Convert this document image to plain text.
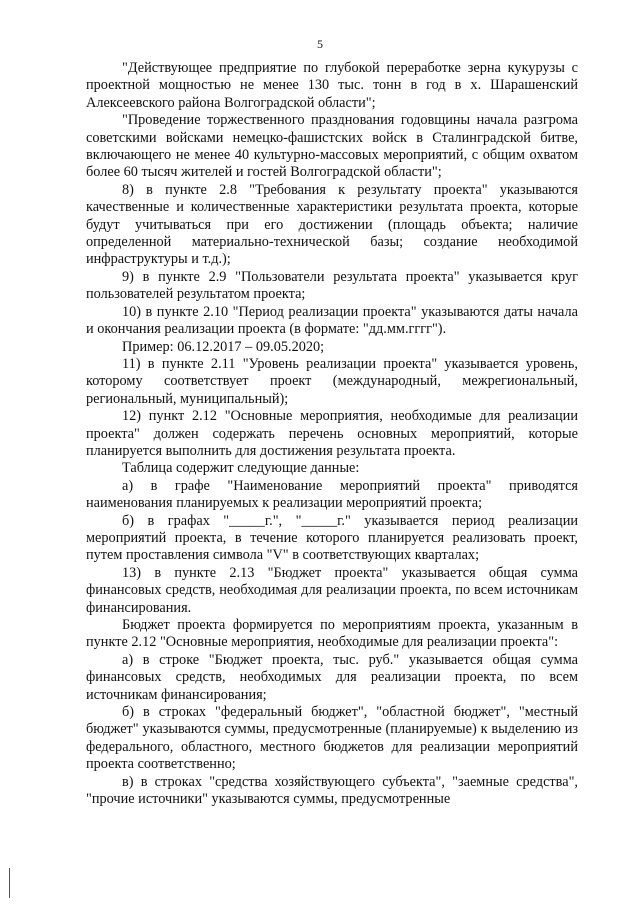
5

"Действующее предприятие по глубокой переработке зерна кукурузы с проектной мощностью не менее 130 тыс. тонн в год в х. Шарашенский Алексеевского района Волгоградской области";

"Проведение торжественного празднования годовщины начала разгрома советскими войсками немецко-фашистских войск в Сталинградской битве, включающего не менее 40 культурно-массовых мероприятий, с общим охватом более 60 тысяч жителей и гостей Волгоградской области";

8) в пункте 2.8 "Требования к результату проекта" указываются качественные и количественные характеристики результата проекта, которые будут учитываться при его достижении (площадь объекта; наличие определенной материально-технической базы; создание необходимой инфраструктуры и т.д.);

9) в пункте 2.9 "Пользователи результата проекта" указывается круг пользователей результатом проекта;

10) в пункте 2.10 "Период реализации проекта" указываются даты начала и окончания реализации проекта (в формате: "дд.мм.гггг").

Пример: 06.12.2017 – 09.05.2020;

11) в пункте 2.11 "Уровень реализации проекта" указывается уровень, которому соответствует проект (международный, межрегиональный, региональный, муниципальный);

12) пункт 2.12 "Основные мероприятия, необходимые для реализации проекта" должен содержать перечень основных мероприятий, которые планируется выполнить для достижения результата проекта.

Таблица содержит следующие данные:

а) в графе "Наименование мероприятий проекта" приводятся наименования планируемых к реализации мероприятий проекта;

б) в графах "_____г.", "_____г." указывается период реализации мероприятий проекта, в течение которого планируется реализовать проект, путем проставления символа "V" в соответствующих кварталах;

13) в пункте 2.13 "Бюджет проекта" указывается общая сумма финансовых средств, необходимая для реализации проекта, по всем источникам финансирования.

Бюджет проекта формируется по мероприятиям проекта, указанным в пункте 2.12 "Основные мероприятия, необходимые для реализации проекта":

а) в строке "Бюджет проекта, тыс. руб." указывается общая сумма финансовых средств, необходимых для реализации проекта, по всем источникам финансирования;

б) в строках "федеральный бюджет", "областной бюджет", "местный бюджет" указываются суммы, предусмотренные (планируемые) к выделению из федерального, областного, местного бюджетов для реализации мероприятий проекта соответственно;

в) в строках "средства хозяйствующего субъекта", "заемные средства", "прочие источники" указываются суммы, предусмотренные
